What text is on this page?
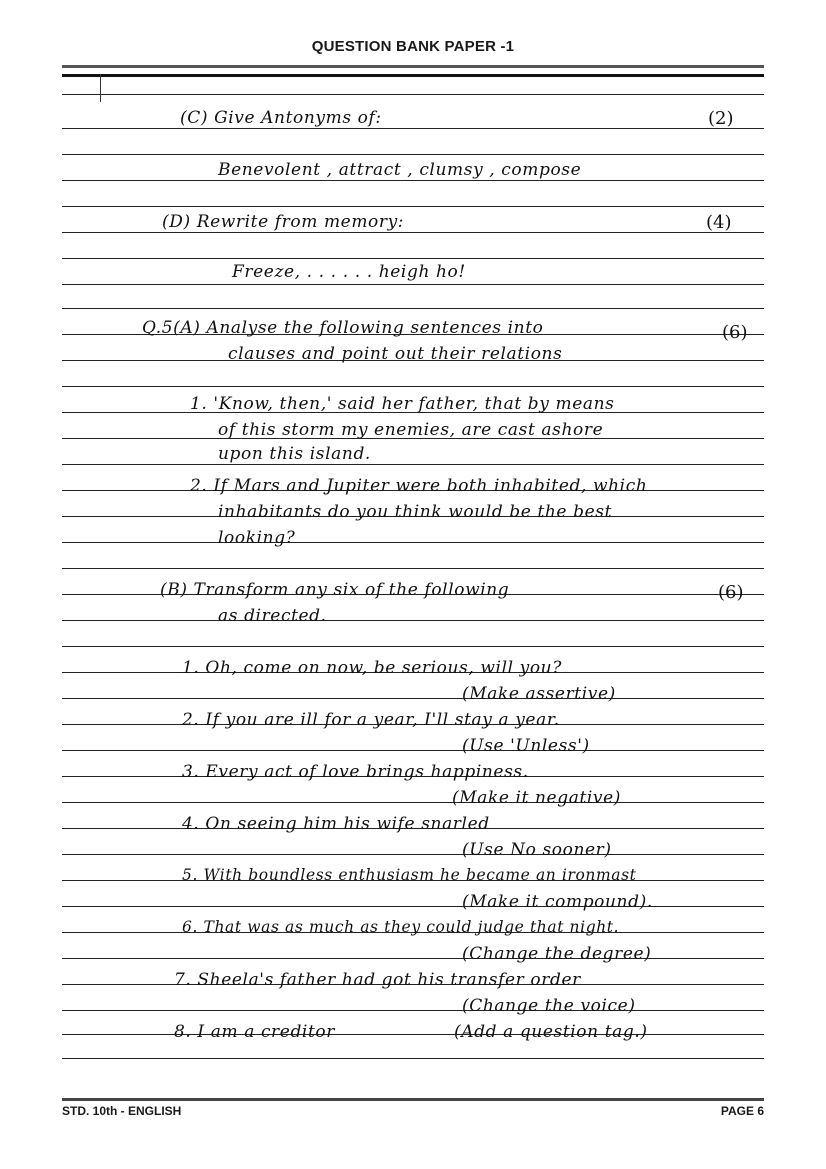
QUESTION BANK PAPER -1
(C) Give Antonyms of:	(2)
Benevolent , attract , clumsy , compose
(D) Rewrite from memory:	(4)
Freeze, . . . . . . heigh ho!
Q.5(A) Analyse the following sentences into	(6)
clauses and point out their relations
1. 'Know, then,' said her father, that by means
of this storm my enemies, are cast ashore
upon this island.
2. If Mars and Jupiter were both inhabited, which
inhabitants do you think would be the best
looking?
(B) Transform any six of the following	(6)
as directed.
1. Oh, come on now, be serious, will you?
(Make assertive)
2. If you are ill for a year, I'll stay a year.
(Use 'Unless')
3. Every act of love brings happiness.
(Make it negative)
4. On seeing him his wife snarled
(Use No sooner)
5. With boundless enthusiasm he became an ironmast
(Make it compound).
6. That was as much as they could judge that night.
(Change the degree)
7. Sheela's father had got his transfer order
(Change the voice)
8. I am a creditor	(Add a question tag.)
STD. 10th - ENGLISH	PAGE 6
